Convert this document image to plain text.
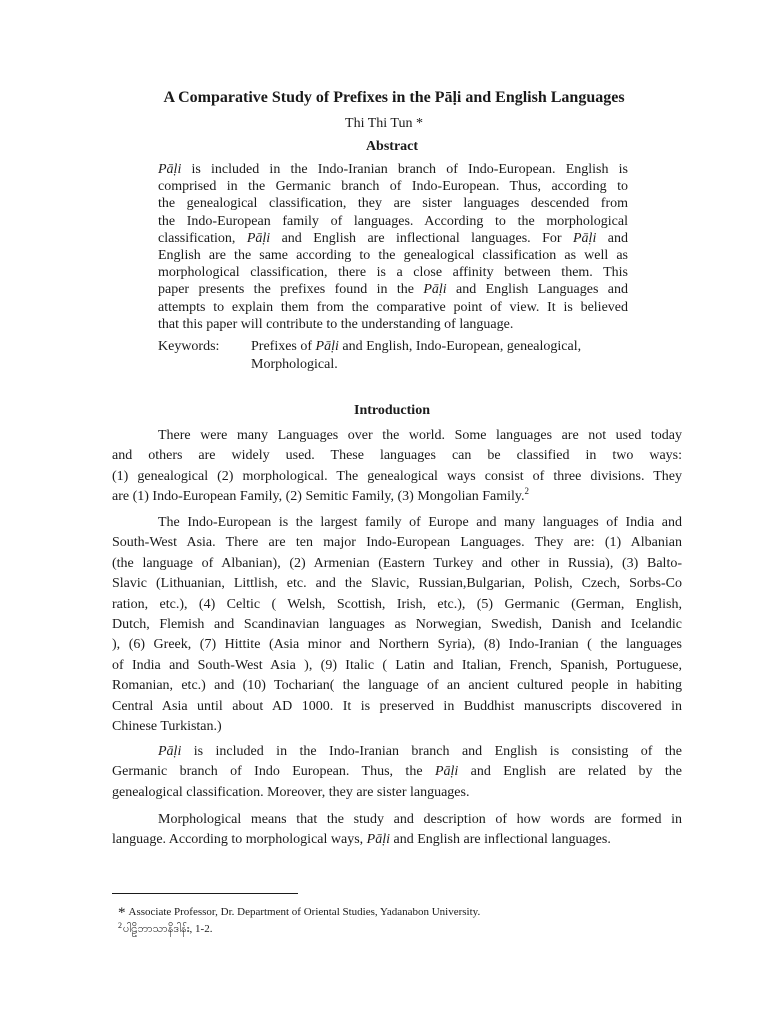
A Comparative Study of Prefixes in the Pāḷi and English Languages
Thi Thi Tun *
Abstract
Pāḷi is included in the Indo-Iranian branch of Indo-European. English is
comprised in the Germanic branch of Indo-European. Thus, according to
the genealogical classification, they are sister languages descended from
the Indo-European family of languages. According to the morphological
classification, Pāḷi and English are inflectional languages. For Pāḷi and
English are the same according to the genealogical classification as well as
morphological classification, there is a close affinity between them. This
paper presents the prefixes found in the Pāḷi and English Languages and
attempts to explain them from the comparative point of view. It is believed
that this paper will contribute to the understanding of language.
Keywords: Prefixes of Pāḷi and English, Indo-European, genealogical,
Morphological.
Introduction
There were many Languages over the world. Some languages are not used today
and others are widely used. These languages can be classified in two ways:
(1) genealogical (2) morphological. The genealogical ways consist of three divisions. They
are (1) Indo-European Family, (2) Semitic Family, (3) Mongolian Family.$^2$
The Indo-European is the largest family of Europe and many languages of India and
South-West Asia. There are ten major Indo-European Languages. They are: (1) Albanian
(the language of Albanian), (2) Armenian (Eastern Turkey and other in Russia), (3) Balto-
Slavic (Lithuanian, Littlish, etc. and the Slavic, Russian,Bulgarian, Polish, Czech, Sorbs-Co
ration, etc.), (4) Celtic ( Welsh, Scottish, Irish, etc.), (5) Germanic (German, English,
Dutch, Flemish and Scandinavian languages as Norwegian, Swedish, Danish and Icelandic
), (6) Greek, (7) Hittite (Asia minor and Northern Syria), (8) Indo-Iranian ( the languages
of India and South-West Asia ), (9) Italic ( Latin and Italian, French, Spanish, Portuguese,
Romanian, etc.) and (10) Tocharian( the language of an ancient cultured people in habiting
Central Asia until about AD 1000. It is preserved in Buddhist manuscripts discovered in
Chinese Turkistan.)
Pāḷi is included in the Indo-Iranian branch and English is consisting of the
Germanic branch of Indo European. Thus, the Pāḷi and English are related by the
genealogical classification. Moreover, they are sister languages.
Morphological means that the study and description of how words are formed in
language. According to morphological ways, Pāḷi and English are inflectional languages.
* Associate Professor, Dr. Department of Oriental Studies, Yadanabon University.
$^2$ပါဠိဘာသာနိဒါန်း, 1-2.
